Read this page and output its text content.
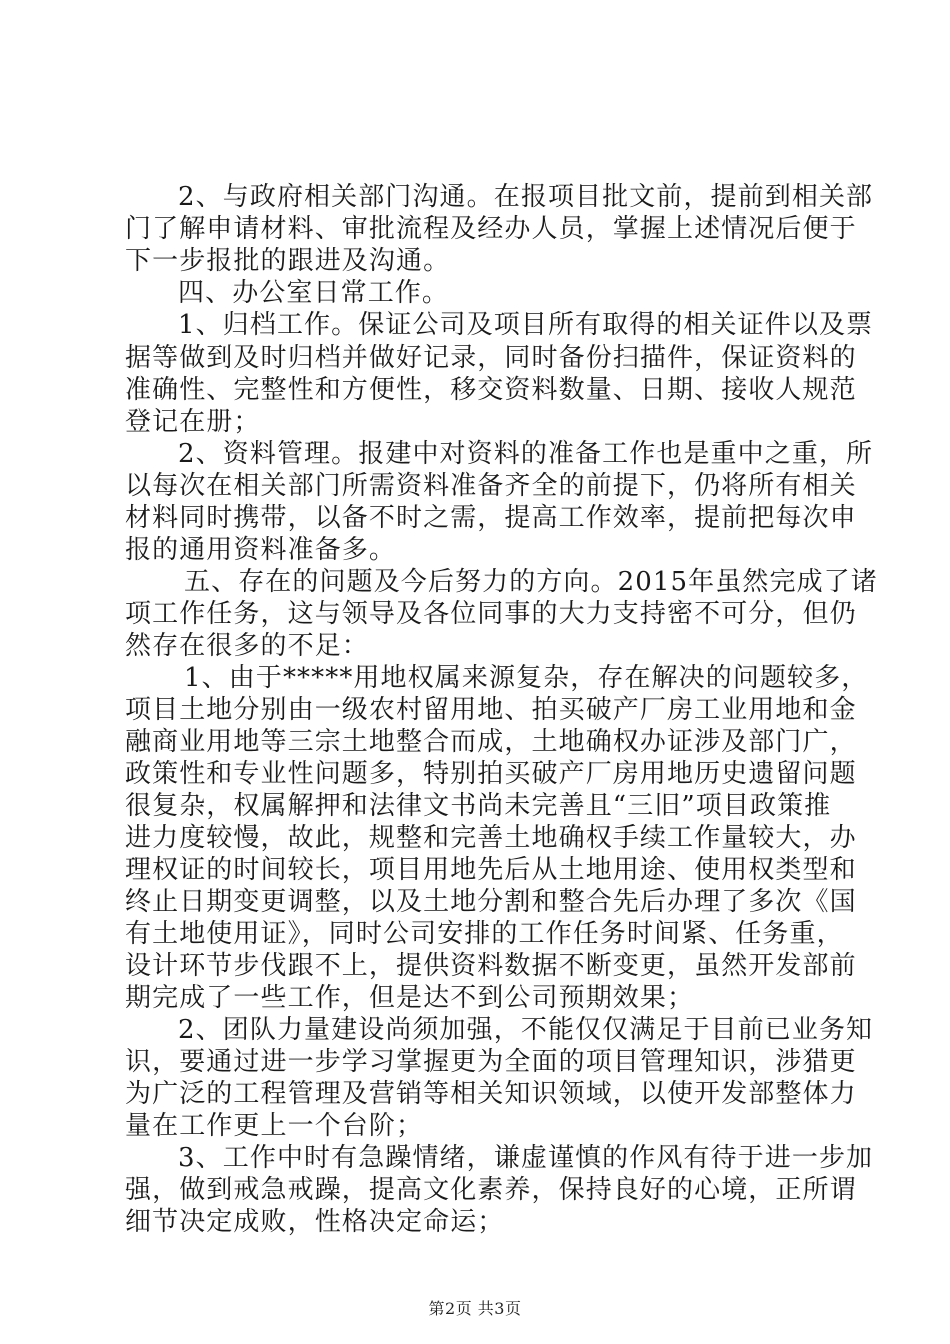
2、与政府相关部门沟通。在报项目批文前，提前到相关部
门了解申请材料、审批流程及经办人员，掌握上述情况后便于
下一步报批的跟进及沟通。
四、办公室日常工作。
1、归档工作。保证公司及项目所有取得的相关证件以及票
据等做到及时归档并做好记录，同时备份扫描件，保证资料的
准确性、完整性和方便性，移交资料数量、日期、接收人规范
登记在册；
2、资料管理。报建中对资料的准备工作也是重中之重，所
以每次在相关部门所需资料准备齐全的前提下，仍将所有相关
材料同时携带，以备不时之需，提高工作效率，提前把每次申
报的通用资料准备多。
五、存在的问题及今后努力的方向。2015年虽然完成了诸
项工作任务，这与领导及各位同事的大力支持密不可分，但仍
然存在很多的不足：
1、由于*****用地权属来源复杂，存在解决的问题较多，
项目土地分别由一级农村留用地、拍买破产厂房工业用地和金
融商业用地等三宗土地整合而成，土地确权办证涉及部门广，
政策性和专业性问题多，特别拍买破产厂房用地历史遗留问题
很复杂，权属解押和法律文书尚未完善且“三旧”项目政策推
进力度较慢，故此，规整和完善土地确权手续工作量较大，办
理权证的时间较长，项目用地先后从土地用途、使用权类型和
终止日期变更调整，以及土地分割和整合先后办理了多次《国
有土地使用证》，同时公司安排的工作任务时间紧、任务重，
设计环节步伐跟不上，提供资料数据不断变更，虽然开发部前
期完成了一些工作，但是达不到公司预期效果；
2、团队力量建设尚须加强，不能仅仅满足于目前已业务知
识，要通过进一步学习掌握更为全面的项目管理知识，涉猎更
为广泛的工程管理及营销等相关知识领域，以使开发部整体力
量在工作更上一个台阶；
3、工作中时有急躁情绪，谦虚谨慎的作风有待于进一步加
强，做到戒急戒躁，提高文化素养，保持良好的心境，正所谓
细节决定成败，性格决定命运；
第2页 共3页
